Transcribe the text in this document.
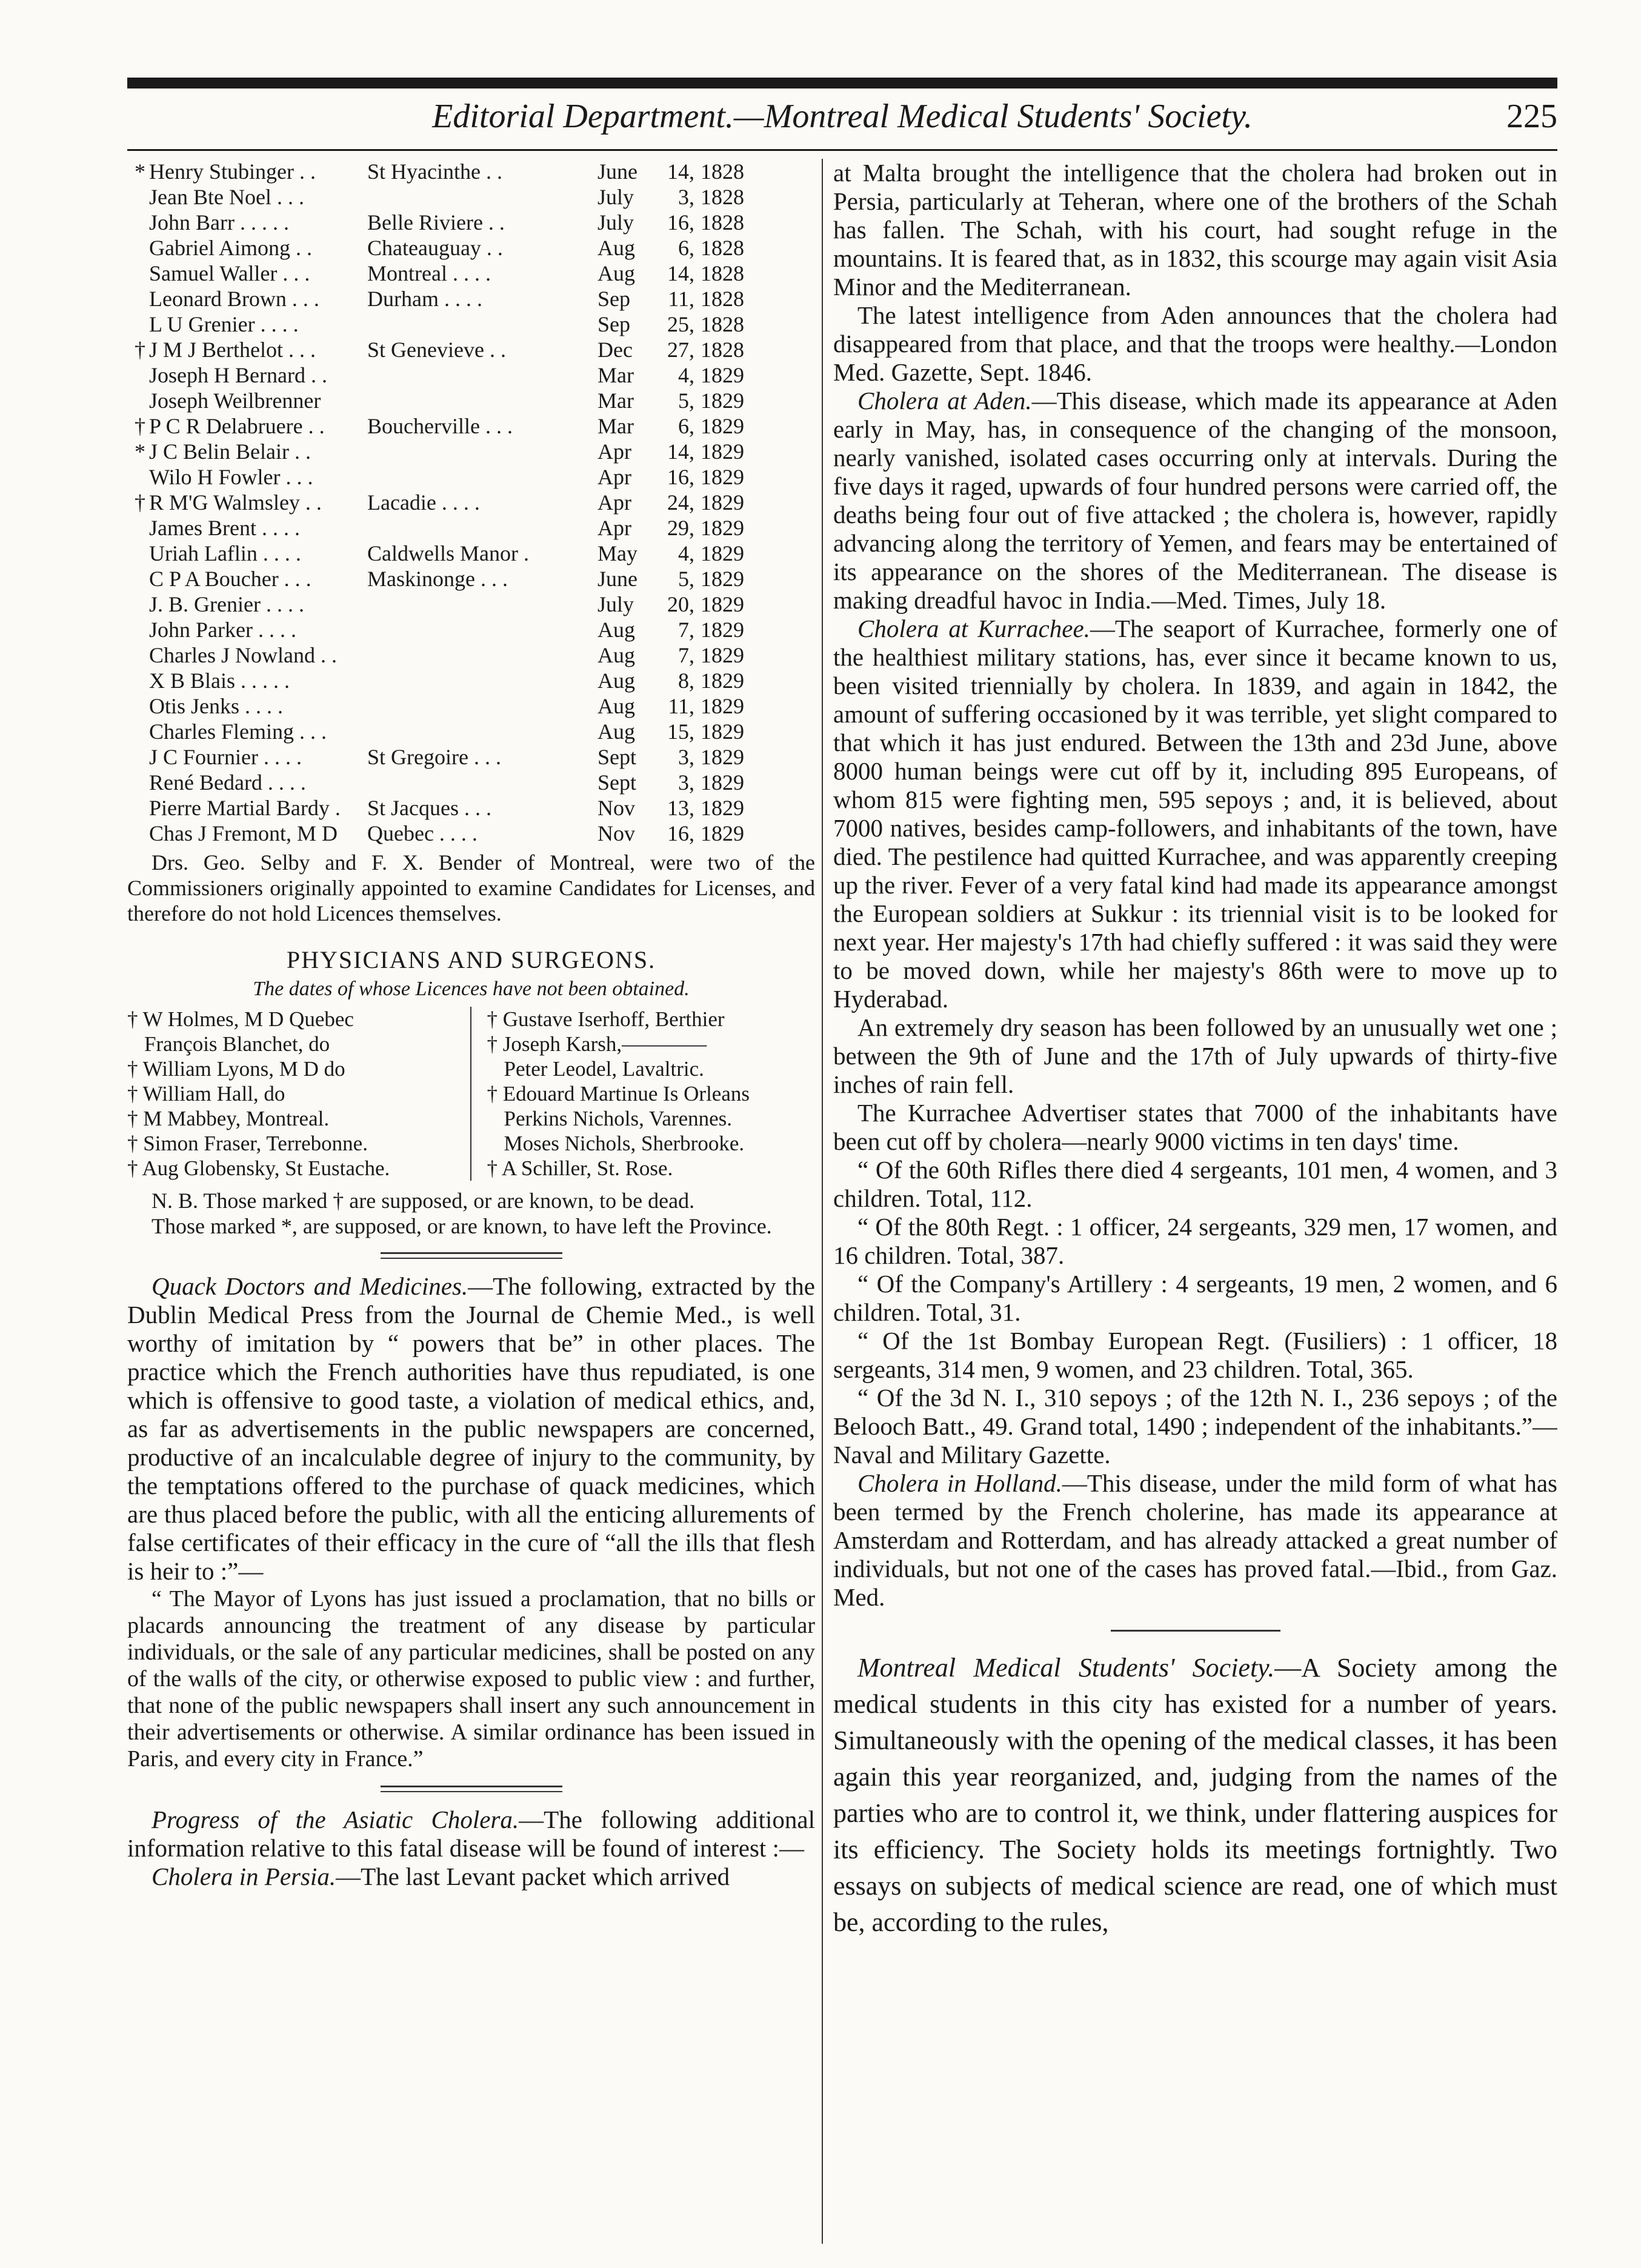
Editorial Department.—Montreal Medical Students' Society.	225
*	Henry Stubinger . .	St Hyacinthe . .	June	14,	1828
	Jean Bte Noel . . .		July	3,	1828
	John Barr . . . . .	Belle Riviere . .	July	16,	1828
	Gabriel Aimong . .	Chateauguay . .	Aug	6,	1828
	Samuel Waller . . .	Montreal . . . .	Aug	14,	1828
	Leonard Brown . . .	Durham . . . .	Sep	11,	1828
	L U Grenier . . . .		Sep	25,	1828
†	J M J Berthelot . . .	St Genevieve . .	Dec	27,	1828
	Joseph H Bernard . .		Mar	4,	1829
	Joseph Weilbrenner		Mar	5,	1829
†	P C R Delabruere . .	Boucherville . . .	Mar	6,	1829
*	J C Belin Belair . .		Apr	14,	1829
	Wilo H Fowler . . .		Apr	16,	1829
†	R M'G Walmsley . .	Lacadie . . . .	Apr	24,	1829
	James Brent . . . .		Apr	29,	1829
	Uriah Laflin . . . .	Caldwells Manor .	May	4,	1829
	C P A Boucher . . .	Maskinonge . . .	June	5,	1829
	J. B. Grenier . . . .		July	20,	1829
	John Parker . . . .		Aug	7,	1829
	Charles J Nowland . .		Aug	7,	1829
	X B Blais . . . . .		Aug	8,	1829
	Otis Jenks . . . .		Aug	11,	1829
	Charles Fleming . . .		Aug	15,	1829
	J C Fournier . . . .	St Gregoire . . .	Sept	3,	1829
	René Bedard . . . .		Sept	3,	1829
	Pierre Martial Bardy .	St Jacques . . .	Nov	13,	1829
	Chas J Fremont, M D	Quebec . . . .	Nov	16,	1829

Drs. Geo. Selby and F. X. Bender of Montreal, were two of the Commissioners originally appointed to examine Candidates for Licenses, and therefore do not hold Licences themselves.

PHYSICIANS AND SURGEONS.
The dates of whose Licences have not been obtained.
† W Holmes, M D Quebec
François Blanchet, do
† William Lyons, M D do
† William Hall, do
† M Mabbey, Montreal.
† Simon Fraser, Terrebonne.
† Aug Globensky, St Eustache.
† Gustave Iserhoff, Berthier
† Joseph Karsh,————
Peter Leodel, Lavaltric.
† Edouard Martinue Is Orleans
Perkins Nichols, Varennes.
Moses Nichols, Sherbrooke.
† A Schiller, St. Rose.

N. B. Those marked † are supposed, or are known, to be dead.

Those marked *, are supposed, or are known, to have left the Province.

Quack Doctors and Medicines.—The following, extracted by the Dublin Medical Press from the Journal de Chemie Med., is well worthy of imitation by “ powers that be” in other places. The practice which the French authorities have thus repudiated, is one which is offensive to good taste, a violation of medical ethics, and, as far as advertisements in the public newspapers are concerned, productive of an incalculable degree of injury to the community, by the temptations offered to the purchase of quack medicines, which are thus placed before the public, with all the enticing allurements of false certificates of their efficacy in the cure of “all the ills that flesh is heir to :”—

“ The Mayor of Lyons has just issued a proclamation, that no bills or placards announcing the treatment of any disease by particular individuals, or the sale of any particular medicines, shall be posted on any of the walls of the city, or otherwise exposed to public view : and further, that none of the public newspapers shall insert any such announcement in their advertisements or otherwise. A similar ordinance has been issued in Paris, and every city in France.”

Progress of the Asiatic Cholera.—The following additional information relative to this fatal disease will be found of interest :—

Cholera in Persia.—The last Levant packet which arrived

at Malta brought the intelligence that the cholera had broken out in Persia, particularly at Teheran, where one of the brothers of the Schah has fallen. The Schah, with his court, had sought refuge in the mountains. It is feared that, as in 1832, this scourge may again visit Asia Minor and the Mediterranean.

The latest intelligence from Aden announces that the cholera had disappeared from that place, and that the troops were healthy.—London Med. Gazette, Sept. 1846.

Cholera at Aden.—This disease, which made its appearance at Aden early in May, has, in consequence of the changing of the monsoon, nearly vanished, isolated cases occurring only at intervals. During the five days it raged, upwards of four hundred persons were carried off, the deaths being four out of five attacked ; the cholera is, however, rapidly advancing along the territory of Yemen, and fears may be entertained of its appearance on the shores of the Mediterranean. The disease is making dreadful havoc in India.—Med. Times, July 18.

Cholera at Kurrachee.—The seaport of Kurrachee, formerly one of the healthiest military stations, has, ever since it became known to us, been visited triennially by cholera. In 1839, and again in 1842, the amount of suffering occasioned by it was terrible, yet slight compared to that which it has just endured. Between the 13th and 23d June, above 8000 human beings were cut off by it, including 895 Europeans, of whom 815 were fighting men, 595 sepoys ; and, it is believed, about 7000 natives, besides camp-followers, and inhabitants of the town, have died. The pestilence had quitted Kurrachee, and was apparently creeping up the river. Fever of a very fatal kind had made its appearance amongst the European soldiers at Sukkur : its triennial visit is to be looked for next year. Her majesty's 17th had chiefly suffered : it was said they were to be moved down, while her majesty's 86th were to move up to Hyderabad.

An extremely dry season has been followed by an unusually wet one ; between the 9th of June and the 17th of July upwards of thirty-five inches of rain fell.

The Kurrachee Advertiser states that 7000 of the inhabitants have been cut off by cholera—nearly 9000 victims in ten days' time.

“ Of the 60th Rifles there died 4 sergeants, 101 men, 4 women, and 3 children. Total, 112.

“ Of the 80th Regt. : 1 officer, 24 sergeants, 329 men, 17 women, and 16 children. Total, 387.

“ Of the Company's Artillery : 4 sergeants, 19 men, 2 women, and 6 children. Total, 31.

“ Of the 1st Bombay European Regt. (Fusiliers) : 1 officer, 18 sergeants, 314 men, 9 women, and 23 children. Total, 365.

“ Of the 3d N. I., 310 sepoys ; of the 12th N. I., 236 sepoys ; of the Belooch Batt., 49. Grand total, 1490 ; independent of the inhabitants.”—Naval and Military Gazette.

Cholera in Holland.—This disease, under the mild form of what has been termed by the French cholerine, has made its appearance at Amsterdam and Rotterdam, and has already attacked a great number of individuals, but not one of the cases has proved fatal.—Ibid., from Gaz. Med.

Montreal Medical Students' Society.—A Society among the medical students in this city has existed for a number of years. Simultaneously with the opening of the medical classes, it has been again this year reorganized, and, judging from the names of the parties who are to control it, we think, under flattering auspices for its efficiency. The Society holds its meetings fortnightly. Two essays on subjects of medical science are read, one of which must be, according to the rules,
